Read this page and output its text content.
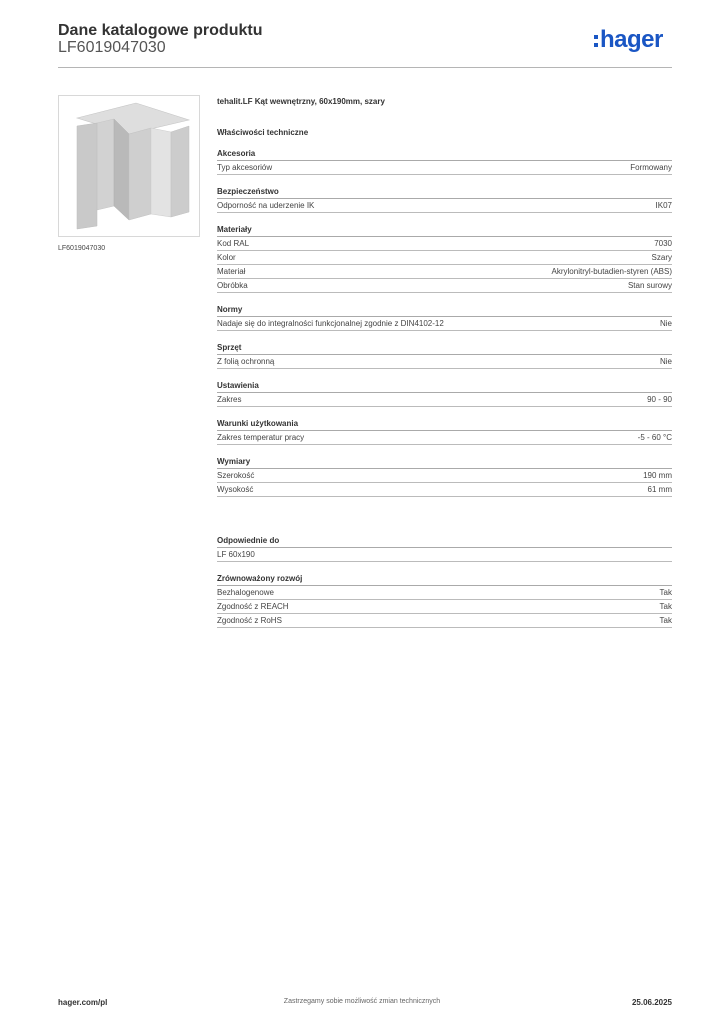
Dane katalogowe produktu
LF6019047030	hager
LF6019047030
tehalit.LF Kąt wewnętrzny, 60x190mm, szary
Właściwości techniczne
Akcesoria
Typ akcesoriów	Formowany
Bezpieczeństwo
Odporność na uderzenie IK	IK07
Materiały
Kod RAL	7030
Kolor	Szary
Materiał	Akrylonitryl-butadien-styren (ABS)
Obróbka	Stan surowy
Normy
Nadaje się do integralności funkcjonalnej zgodnie z DIN4102-12	Nie
Sprzęt
Z folią ochronną	Nie
Ustawienia
Zakres	90 - 90
Warunki użytkowania
Zakres temperatur pracy	-5 - 60 °C
Wymiary
Szerokość	190 mm
Wysokość	61 mm
Odpowiednie do
LF 60x190
Zrównoważony rozwój
Bezhalogenowe	Tak
Zgodność z REACH	Tak
Zgodność z RoHS	Tak
hager.com/pl	Zastrzegamy sobie możliwość zmian technicznych	25.06.2025
